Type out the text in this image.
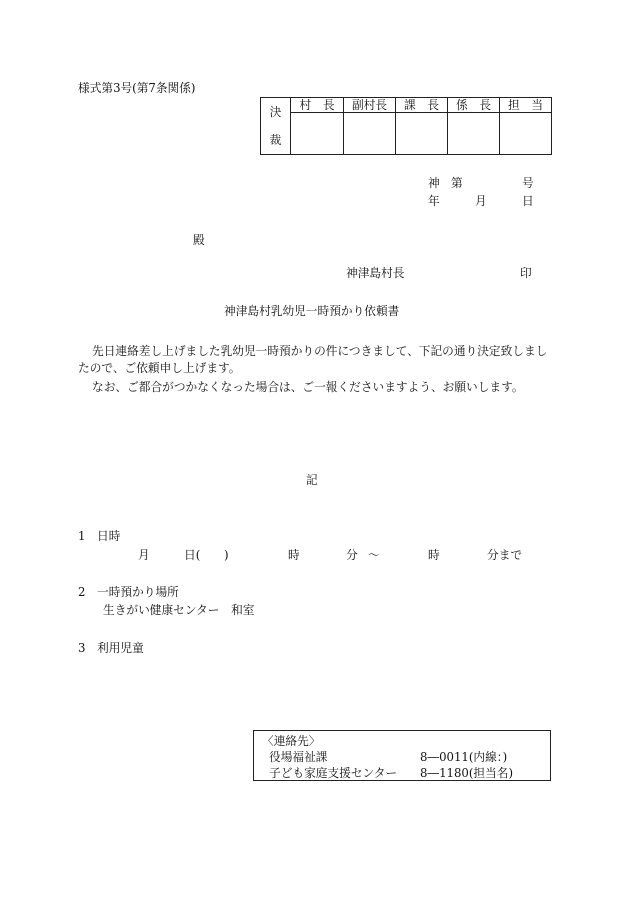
様式第3号(第7条関係)
決
裁	村　長	副村長	課　長	係　長	担　当

神 第	号
年	月	日
殿
神津島村長	印
神津島村乳幼児一時預かり依頼書
先日連絡差し上げました乳幼児一時預かりの件につきまして、下記の通り決定致しまし
たので、ご依頼申し上げます。
なお、ご都合がつかなくなった場合は、ご一報くださいますよう、お願いします。
記
1 日時
月	日( )	時	分 ～	時	分まで
2 一時預かり場所
生きがい健康センター　和室
3 利用児童
〈連絡先〉
役場福祉課	8―0011(内線：)
子ども家庭支援センター 8―1180(担当名)
